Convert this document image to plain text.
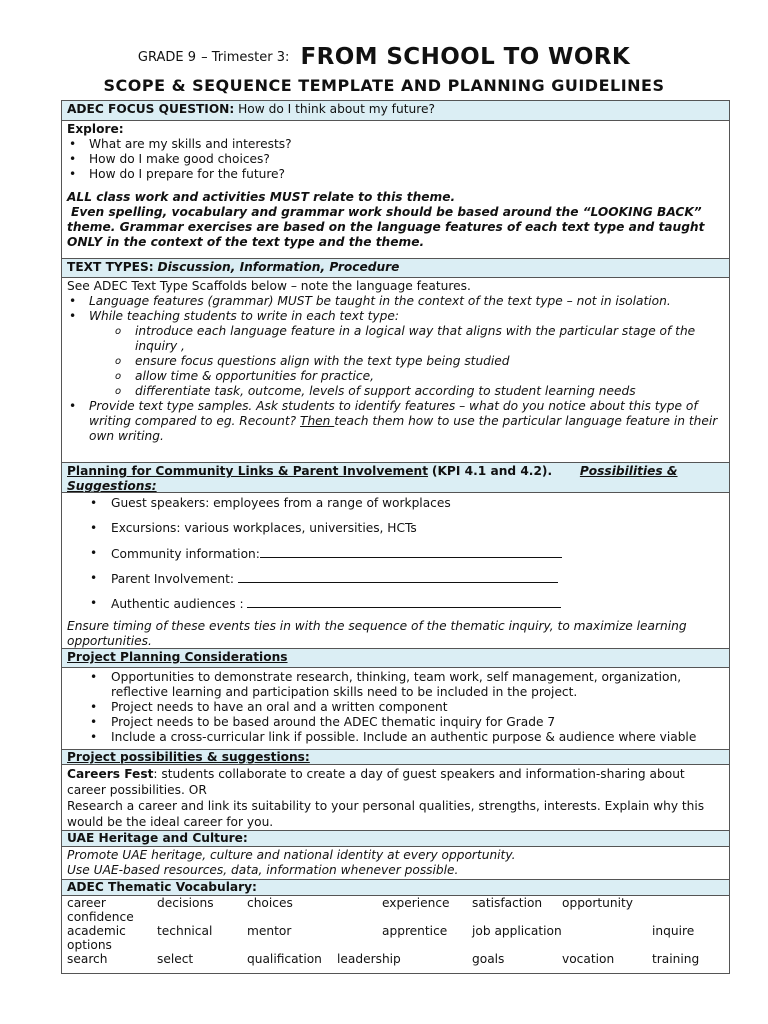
GRADE 9 – Trimester 3: FROM SCHOOL TO WORK
SCOPE & SEQUENCE TEMPLATE AND PLANNING GUIDELINES
ADEC FOCUS QUESTION: How do I think about my future?
Explore:
• What are my skills and interests?
• How do I make good choices?
• How do I prepare for the future?
ALL class work and activities MUST relate to this theme.
Even spelling, vocabulary and grammar work should be based around the “LOOKING BACK” theme. Grammar exercises are based on the language features of each text type and taught ONLY in the context of the text type and the theme.
TEXT TYPES: Discussion, Information, Procedure
See ADEC Text Type Scaffolds below – note the language features.
• Language features (grammar) MUST be taught in the context of the text type – not in isolation.
• While teaching students to write in each text type:
o introduce each language feature in a logical way that aligns with the particular stage of the inquiry ,
o ensure focus questions align with the text type being studied
o allow time & opportunities for practice,
o differentiate task, outcome, levels of support according to student learning needs
• Provide text type samples. Ask students to identify features – what do you notice about this type of writing compared to eg. Recount? Then teach them how to use the particular language feature in their own writing.
Planning for Community Links & Parent Involvement (KPI 4.1 and 4.2). Possibilities & Suggestions:
• Guest speakers: employees from a range of workplaces
• Excursions: various workplaces, universities, HCTs
• Community information:
• Parent Involvement:
• Authentic audiences :
Ensure timing of these events ties in with the sequence of the thematic inquiry, to maximize learning opportunities.
Project Planning Considerations
• Opportunities to demonstrate research, thinking, team work, self management, organization, reflective learning and participation skills need to be included in the project.
• Project needs to have an oral and a written component
• Project needs to be based around the ADEC thematic inquiry for Grade 7
• Include a cross-curricular link if possible. Include an authentic purpose & audience where viable
Project possibilities & suggestions:
Careers Fest: students collaborate to create a day of guest speakers and information-sharing about career possibilities. OR
Research a career and link its suitability to your personal qualities, strengths, interests. Explain why this would be the ideal career for you.
UAE Heritage and Culture:
Promote UAE heritage, culture and national identity at every opportunity.
Use UAE-based resources, data, information whenever possible.
ADEC Thematic Vocabulary:
career	decisions	choices		experience	satisfaction	opportunity	
confidence							
academic	technical	mentor		apprentice	job application		inquire
options							
search	select	qualification	leadership		goals	vocation	training
